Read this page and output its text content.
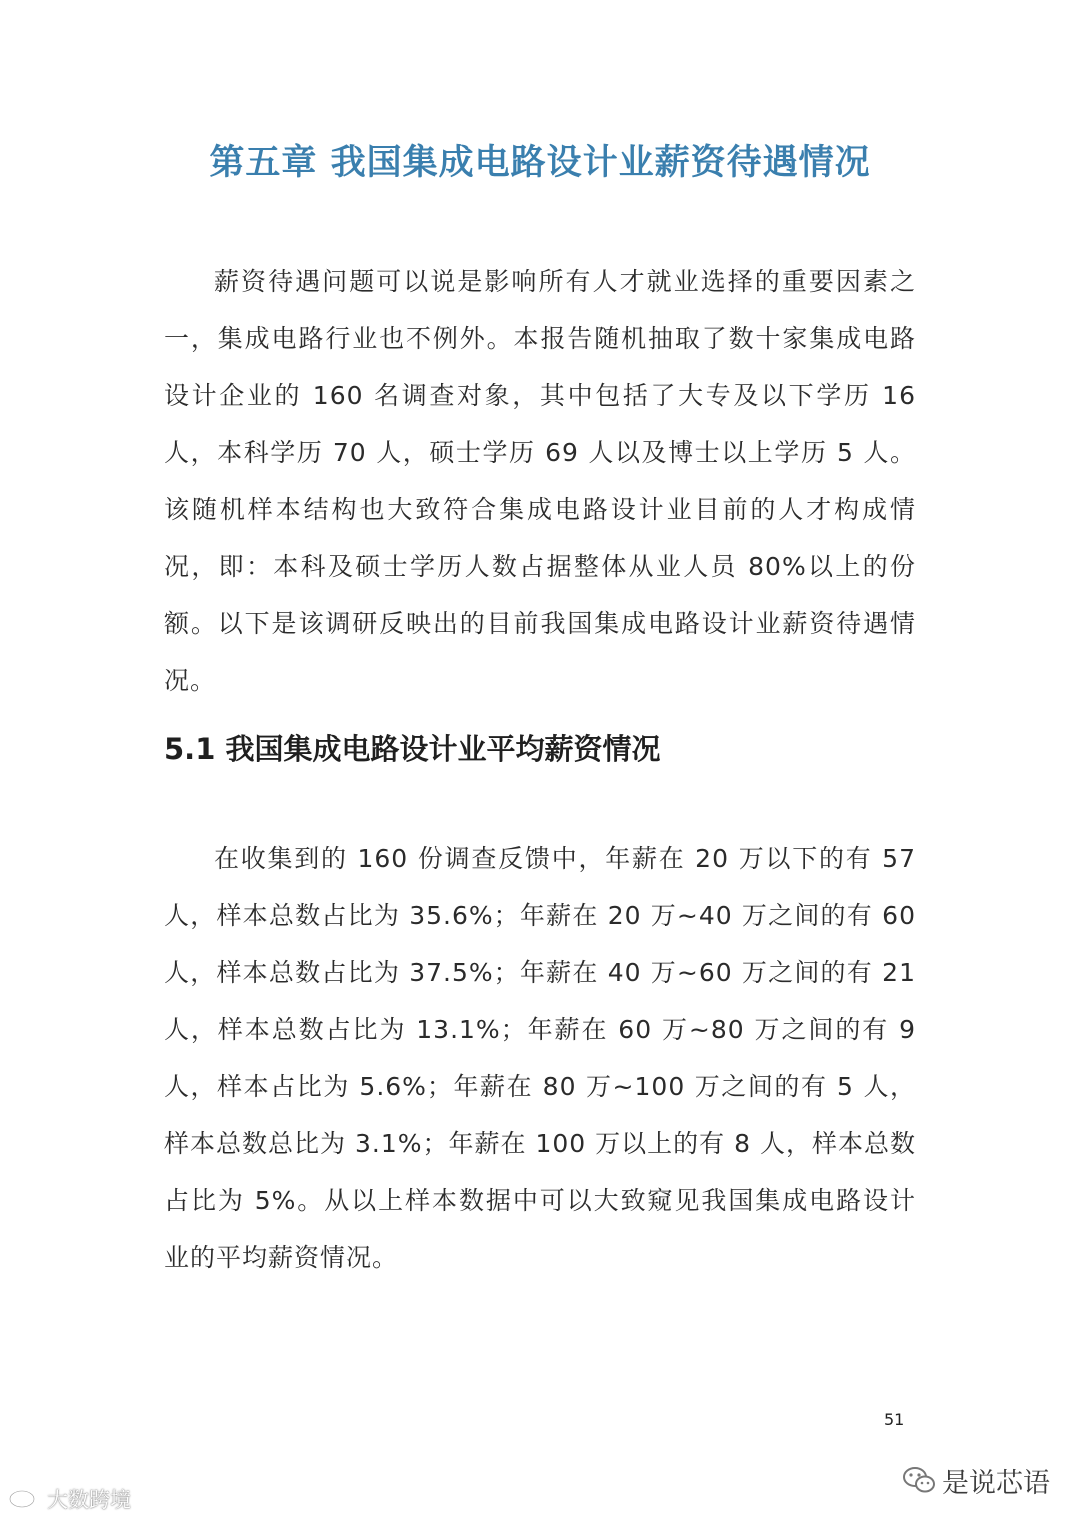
第五章 我国集成电路设计业薪资待遇情况

薪资待遇问题可以说是影响所有人才就业选择的重要因素之一，集成电路行业也不例外。本报告随机抽取了数十家集成电路设计企业的 160 名调查对象，其中包括了大专及以下学历 16 人，本科学历 70 人，硕士学历 69 人以及博士以上学历 5 人。该随机样本结构也大致符合集成电路设计业目前的人才构成情况，即：本科及硕士学历人数占据整体从业人员 80%以上的份额。以下是该调研反映出的目前我国集成电路设计业薪资待遇情况。

5.1 我国集成电路设计业平均薪资情况

在收集到的 160 份调查反馈中，年薪在 20 万以下的有 57 人，样本总数占比为 35.6%；年薪在 20 万~40 万之间的有 60 人，样本总数占比为 37.5%；年薪在 40 万~60 万之间的有 21 人，样本总数占比为 13.1%；年薪在 60 万~80 万之间的有 9 人，样本占比为 5.6%；年薪在 80 万~100 万之间的有 5 人，样本总数总比为 3.1%；年薪在 100 万以上的有 8 人，样本总数占比为 5%。从以上样本数据中可以大致窥见我国集成电路设计业的平均薪资情况。

51
是说芯语
大数跨境
